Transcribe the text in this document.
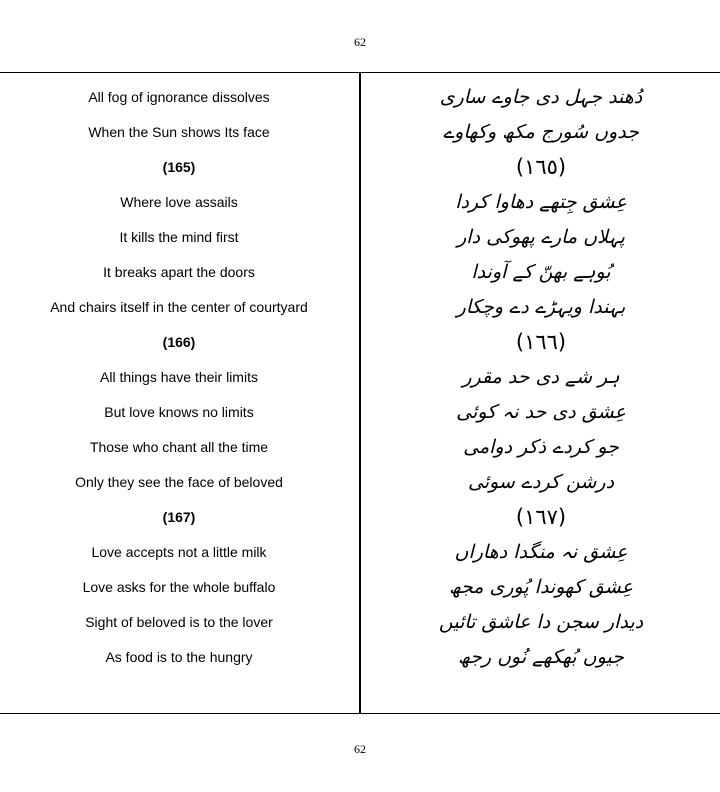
62
All fog of ignorance dissolves
When the Sun shows Its face
(165)
Where love assails
It kills the mind first
It breaks apart the doors
And chairs itself in the center of courtyard
(166)
All things have their limits
But love knows no limits
Those who chant all the time
Only they see the face of beloved
(167)
Love accepts not a little milk
Love asks for the whole buffalo
Sight of beloved is to the lover
As food is to the hungry
دُھند جہل دی جاوے ساری
جدوں سُورج مکھ وکھاوے
(١٦٥)
عِشق جِتھے دھاوا کردا
پہلاں مارے پھوکی دار
بُوہے بھنّ کے آوندا
بہندا ویہڑے دے وچکار
(١٦٦)
ہر شے دی حد مقرر
عِشق دی حد نہ کوئی
جو کردے ذکر دوامی
درشن کردے سوئی
(١٦٧)
عِشق نہ منگدا دھاراں
عِشق کھوندا پُوری مجھ
دیدار سجن دا عاشق تائیں
جیوں بُھکھے نُوں رجھ
62
